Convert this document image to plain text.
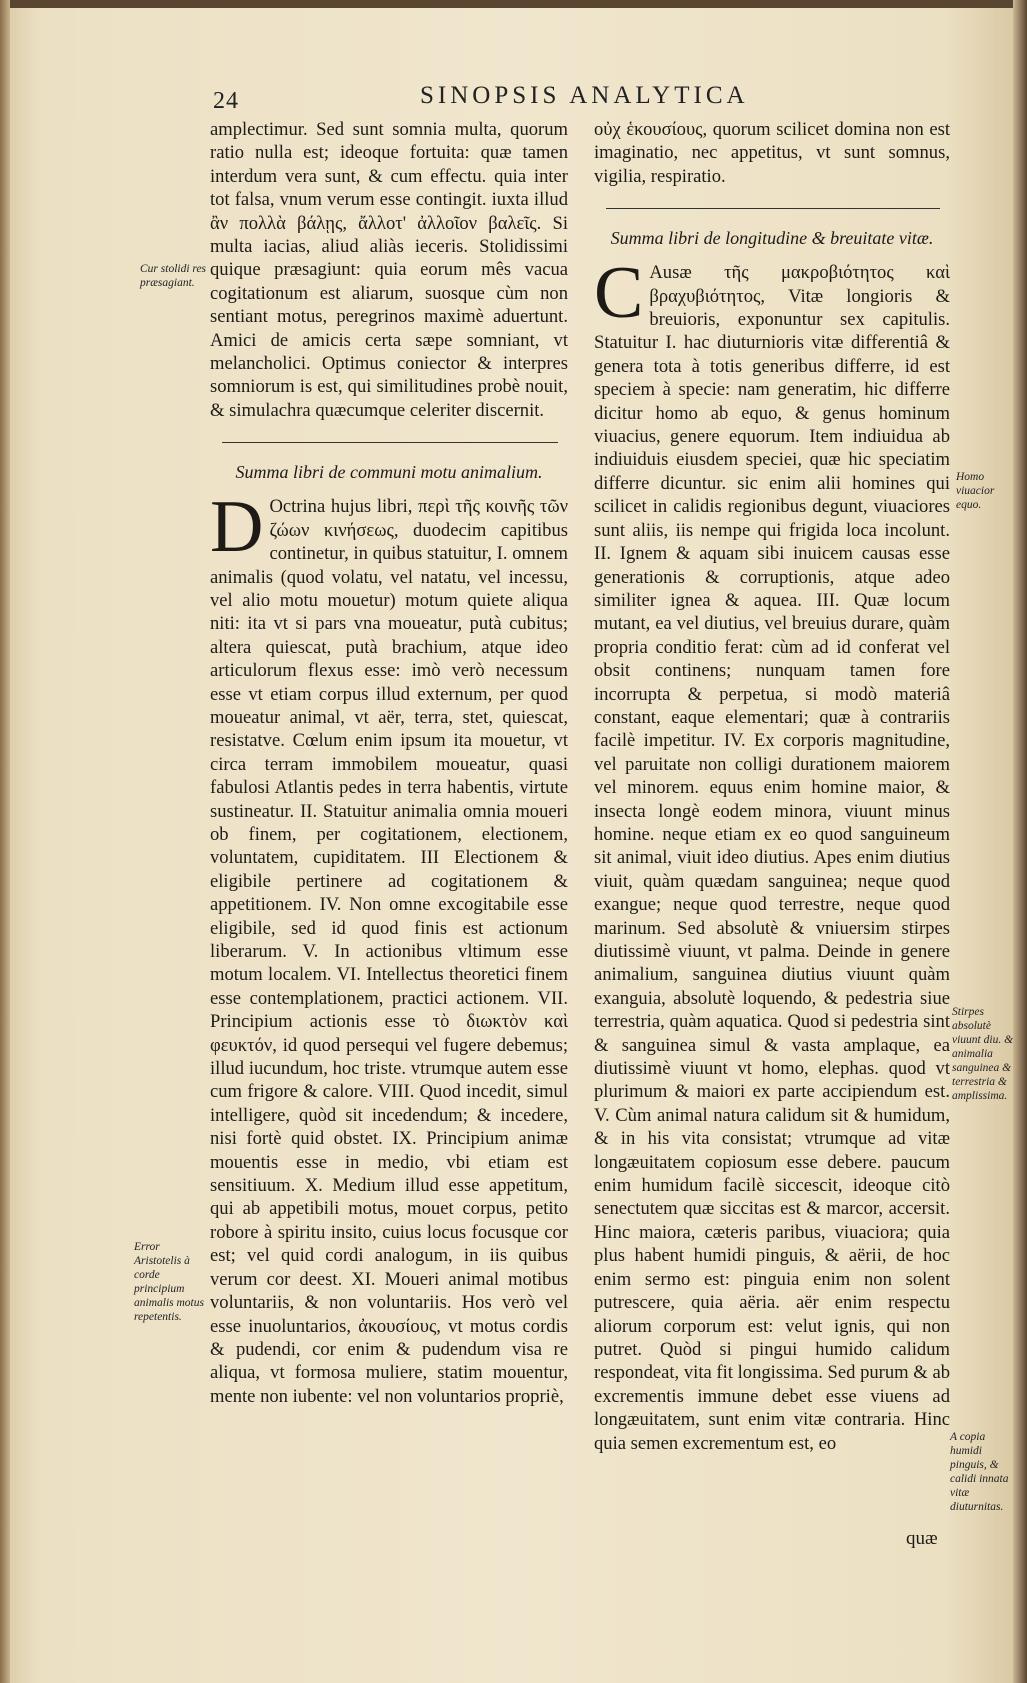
24	SINOPSIS ANALYTICA

amplectimur. Sed sunt somnia multa, quorum ratio nulla est; ideoque fortuita: quæ tamen interdum vera sunt, & cum effectu. quia inter tot falsa, vnum verum esse contingit. iuxta illud ἂν πολλὰ βάλῃς, ἄλλοτ' ἀλλοῖον βαλεῖς. Si multa iacias, aliud aliàs ieceris. Stolidissimi quique præsagiunt: quia eorum mês vacua cogitationum est aliarum, suosque cùm non sentiant motus, peregrinos maximè aduertunt. Amici de amicis certa sæpe somniant, vt melancholici. Optimus coniector & interpres somniorum is est, qui similitudines probè nouit, & simulachra quæcumque celeriter discernit.

Summa libri de communi motu animalium.

D Octrina hujus libri, περὶ τῆς κοινῆς τῶν ζώων κινήσεως, duodecim capitibus continetur, in quibus statuitur, I. omnem animalis (quod volatu, vel natatu, vel incessu, vel alio motu mouetur) motum quiete aliqua niti: ita vt si pars vna moueatur, putà cubitus; altera quiescat, putà brachium, atque ideo articulorum flexus esse: imò verò necessum esse vt etiam corpus illud externum, per quod moueatur animal, vt aër, terra, stet, quiescat, resistatve. Cœlum enim ipsum ita mouetur, vt circa terram immobilem moueatur, quasi fabulosi Atlantis pedes in terra habentis, virtute sustineatur. II. Statuitur animalia omnia moueri ob finem, per cogitationem, electionem, voluntatem, cupiditatem. III Electionem & eligibile pertinere ad cogitationem & appetitionem. IV. Non omne excogitabile esse eligibile, sed id quod finis est actionum liberarum. V. In actionibus vltimum esse motum localem. VI. Intellectus theoretici finem esse contemplationem, practici actionem. VII. Principium actionis esse τὸ διωκτὸν καὶ φευκτόν, id quod persequi vel fugere debemus; illud iucundum, hoc triste. vtrumque autem esse cum frigore & calore. VIII. Quod incedit, simul intelligere, quòd sit incedendum; & incedere, nisi fortè quid obstet. IX. Principium animæ mouentis esse in medio, vbi etiam est sensitiuum. X. Medium illud esse appetitum, qui ab appetibili motus, mouet corpus, petito robore à spiritu insito, cuius locus focusque cor est; vel quid cordi analogum, in iis quibus verum cor deest. XI. Moueri animal motibus voluntariis, & non voluntariis. Hos verò vel esse inuoluntarios, ἀκουσίους, vt motus cordis & pudendi, cor enim & pudendum visa re aliqua, vt formosa muliere, statim mouentur, mente non iubente: vel non voluntarios propriè,

οὐχ ἑκουσίους, quorum scilicet domina non est imaginatio, nec appetitus, vt sunt somnus, vigilia, respiratio.

Summa libri de longitudine & breuitate vitæ.

C Ausæ τῆς μακροβιότητος καὶ βραχυβιότητος, Vitæ longioris & breuioris, exponuntur sex capitulis. Statuitur I. hac diuturnioris vitæ differentiâ & genera tota à totis generibus differre, id est speciem à specie: nam generatim, hic differre dicitur homo ab equo, & genus hominum viuacius, genere equorum. Item indiuidua ab indiuiduis eiusdem speciei, quæ hic speciatim differre dicuntur. sic enim alii homines qui scilicet in calidis regionibus degunt, viuaciores sunt aliis, iis nempe qui frigida loca incolunt. II. Ignem & aquam sibi inuicem causas esse generationis & corruptionis, atque adeo similiter ignea & aquea. III. Quæ locum mutant, ea vel diutius, vel breuius durare, quàm propria conditio ferat: cùm ad id conferat vel obsit continens; nunquam tamen fore incorrupta & perpetua, si modò materiâ constant, eaque elementari; quæ à contrariis facilè impetitur. IV. Ex corporis magnitudine, vel paruitate non colligi durationem maiorem vel minorem. equus enim homine maior, & insecta longè eodem minora, viuunt minus homine. neque etiam ex eo quod sanguineum sit animal, viuit ideo diutius. Apes enim diutius viuit, quàm quædam sanguinea; neque quod exangue; neque quod terrestre, neque quod marinum. Sed absolutè & vniuersim stirpes diutissimè viuunt, vt palma. Deinde in genere animalium, sanguinea diutius viuunt quàm exanguia, absolutè loquendo, & pedestria siue terrestria, quàm aquatica. Quod si pedestria sint & sanguinea simul & vasta amplaque, ea diutissimè viuunt vt homo, elephas. quod vt plurimum & maiori ex parte accipiendum est. V. Cùm animal natura calidum sit & humidum, & in his vita consistat; vtrumque ad vitæ longæuitatem copiosum esse debere. paucum enim humidum facilè siccescit, ideoque citò senectutem quæ siccitas est & marcor, accersit. Hinc maiora, cæteris paribus, viuaciora; quia plus habent humidi pinguis, & aërii, de hoc enim sermo est: pinguia enim non solent putrescere, quia aëria. aër enim respectu aliorum corporum est: velut ignis, qui non putret. Quòd si pingui humido calidum respondeat, vita fit longissima. Sed purum & ab excrementis immune debet esse viuens ad longæuitatem, sunt enim vitæ contraria. Hinc quia semen excrementum est, eo

quæ
Cur stolidi res præsagiant.
Error Aristotelis à corde principium animalis motus repetentis.
Homo viuacior equo.
Stirpes absolutè viuunt diu. & animalia sanguinea & terrestria & amplissima.
A copia humidi pinguis, & calidi innata vitæ diuturnitas.
